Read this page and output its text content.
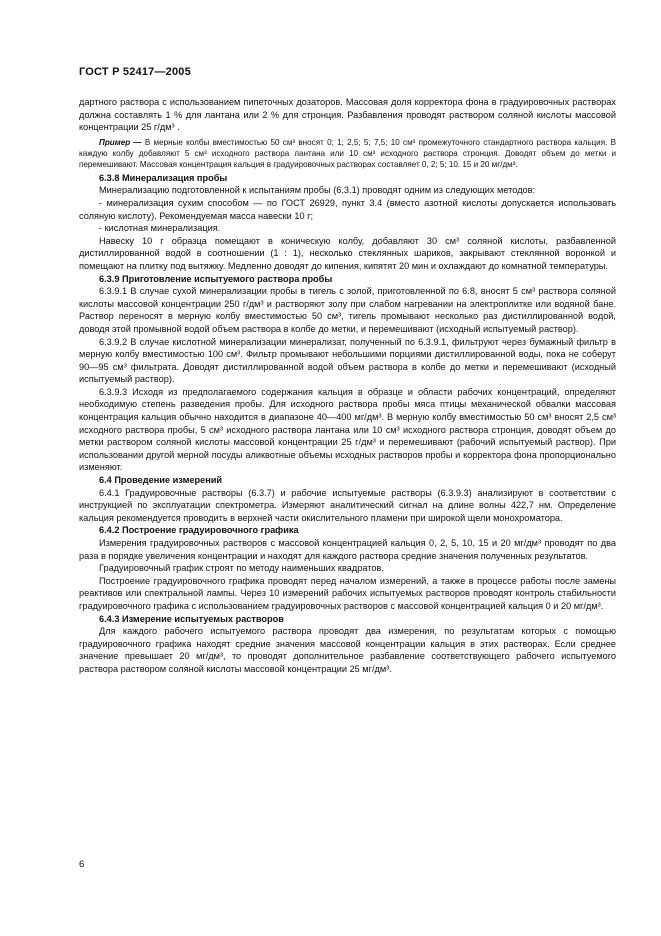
ГОСТ Р 52417—2005

дартного раствора с использованием пипеточных дозаторов. Массовая доля корректора фона в градуировочных растворах должна составлять 1 % для лантана или 2 % для стронция. Разбавления проводят раствором соляной кислоты массовой концентрации 25 г/дм³ .

Пример — В мерные колбы вместимостью 50 см³ вносят 0; 1; 2,5; 5; 7,5; 10 см³ промежуточного стандартного раствора кальция. В каждую колбу добавляют 5 см³ исходного раствора лантана или 10 см³ исходного раствора стронция. Доводят объем до метки и перемешивают. Массовая концентрация кальция в градуировочных растворах составляет 0, 2; 5; 10. 15 и 20 мг/дм³.

6.3.8 Минерализация пробы

Минерализацию подготовленной к испытаниям пробы (6.3.1) проводят одним из следующих методов:

- минерализация сухим способом — по ГОСТ 26929, пункт 3.4 (вместо азотной кислоты допускается использовать соляную кислоту). Рекомендуемая масса навески 10 г;

- кислотная минерализация.

Навеску 10 г образца помещают в коническую колбу, добавляют 30 см³ соляной кислоты, разбавленной дистиллированной водой в соотношении (1 : 1), несколько стеклянных шариков, закрывают стеклянной воронкой и помещают на плитку под вытяжку. Медленно доводят до кипения, кипятят 20 мин и охлаждают до комнатной температуры.

6.3.9 Приготовление испытуемого раствора пробы

6.3.9.1 В случае сухой минерализации пробы в тигель с золой, приготовленной по 6.8, вносят 5 см³ раствора соляной кислоты массовой концентрации 250 г/дм³ и растворяют золу при слабом нагревании на электроплитке или водяной бане. Раствор переносят в мерную колбу вместимостью 50 см³, тигель промывают несколько раз дистиллированной водой, доводя этой промывной водой объем раствора в колбе до метки, и перемешивают (исходный испытуемый раствор).

6.3.9.2 В случае кислотной минерализации минерализат, полученный по 6.3.9.1, фильтруют через бумажный фильтр в мерную колбу вместимостью 100 см³. Фильтр промывают небольшими порциями дистиллированной воды, пока не соберут 90—95 см³ фильтрата. Доводят дистиллированной водой объем раствора в колбе до метки и перемешивают (исходный испытуемый раствор).

6.3.9.3 Исходя из предполагаемого содержания кальция в образце и области рабочих концентраций, определяют необходимую степень разведения пробы. Для исходного раствора пробы мяса птицы механической обвалки массовая концентрация кальция обычно находится в диапазоне 40—400 мг/дм³. В мерную колбу вместимостью 50 см³ вносят 2,5 см³ исходного раствора пробы, 5 см³ исходного раствора лантана или 10 см³ исходного раствора стронция, доводят объем до метки раствором соляной кислоты массовой концентрации 25 г/дм³ и перемешивают (рабочий испытуемый раствор). При использовании другой мерной посуды аликвотные объемы исходных растворов пробы и корректора фона пропорционально изменяют.

6.4 Проведение измерений

6.4.1 Градуировочные растворы (6.3.7) и рабочие испытуемые растворы (6.3.9.3) анализируют в соответствии с инструкцией по эксплуатации спектрометра. Измеряют аналитический сигнал на длине волны 422,7 нм. Определение кальция рекомендуется проводить в верхней части окислительного пламени при широкой щели монохроматора.

6.4.2 Построение градуировочного графика

Измерения градуировочных растворов с массовой концентрацией кальция 0, 2, 5, 10, 15 и 20 мг/дм³ проводят по два раза в порядке увеличения концентрации и находят для каждого раствора средние значения полученных результатов.

Градуировочный график строят по методу наименьших квадратов.

Построение градуировочного графика проводят перед началом измерений, а также в процессе работы после замены реактивов или спектральной лампы. Через 10 измерений рабочих испытуемых растворов проводят контроль стабильности градуировочного графика с использованием градуировочных растворов с массовой концентрацией кальция 0 и 20 мг/дм³.

6.4.3 Измерение испытуемых растворов

Для каждого рабочего испытуемого раствора проводят два измерения, по результатам которых с помощью градуировочного графика находят средние значения массовой концентрации кальция в этих растворах. Если среднее значение превышает 20 мг/дм³, то проводят дополнительное разбавление соответствующего рабочего испытуемого раствора раствором соляной кислоты массовой концентрации 25 мг/дм³.

6
